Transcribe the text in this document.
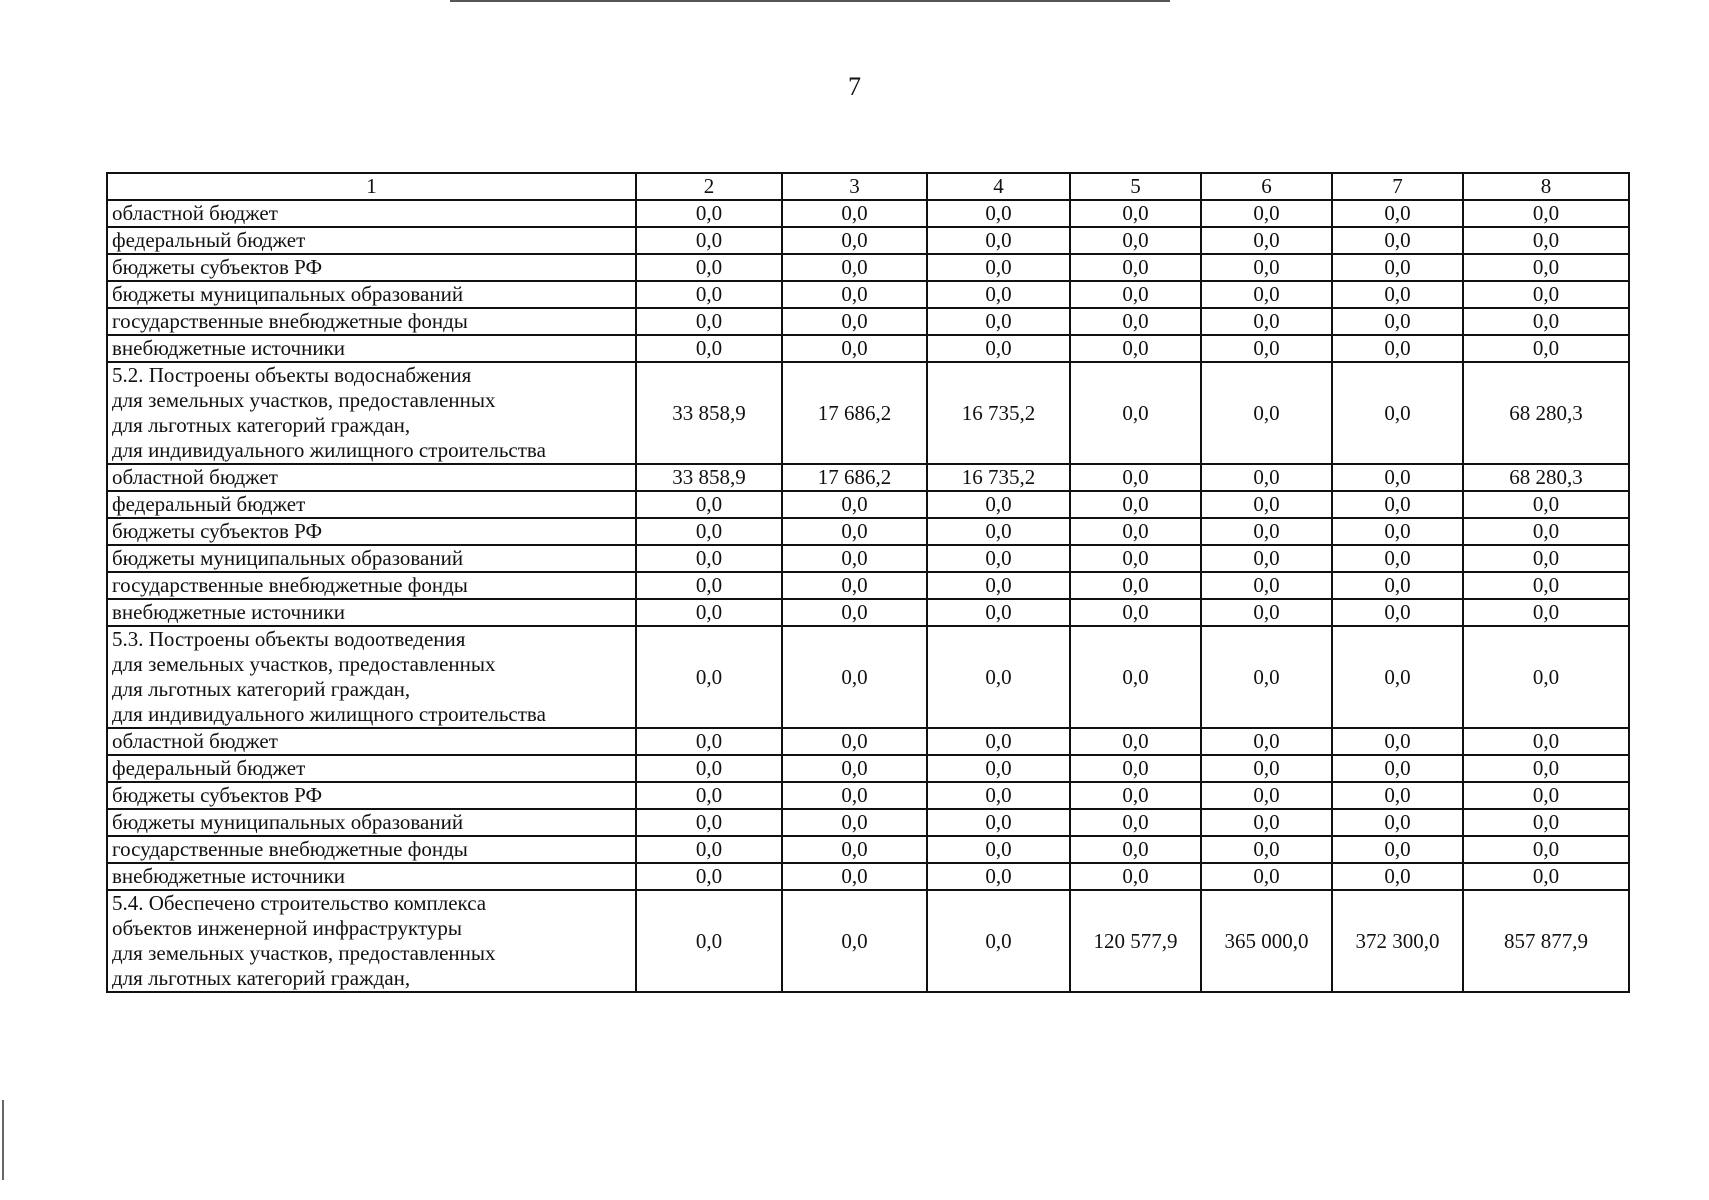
7
1	2	3	4	5	6	7	8
областной бюджет	0,0	0,0	0,0	0,0	0,0	0,0	0,0
федеральный бюджет	0,0	0,0	0,0	0,0	0,0	0,0	0,0
бюджеты субъектов РФ	0,0	0,0	0,0	0,0	0,0	0,0	0,0
бюджеты муниципальных образований	0,0	0,0	0,0	0,0	0,0	0,0	0,0
государственные внебюджетные фонды	0,0	0,0	0,0	0,0	0,0	0,0	0,0
внебюджетные источники	0,0	0,0	0,0	0,0	0,0	0,0	0,0

5.2. Построены объекты водоснабжения
для земельных участков, предоставленных
для льготных категорий граждан,
для индивидуального жилищного строительства	33 858,9	17 686,2	16 735,2	0,0	0,0	0,0	68 280,3
областной бюджет	33 858,9	17 686,2	16 735,2	0,0	0,0	0,0	68 280,3
федеральный бюджет	0,0	0,0	0,0	0,0	0,0	0,0	0,0
бюджеты субъектов РФ	0,0	0,0	0,0	0,0	0,0	0,0	0,0
бюджеты муниципальных образований	0,0	0,0	0,0	0,0	0,0	0,0	0,0
государственные внебюджетные фонды	0,0	0,0	0,0	0,0	0,0	0,0	0,0
внебюджетные источники	0,0	0,0	0,0	0,0	0,0	0,0	0,0

5.3. Построены объекты водоотведения
для земельных участков, предоставленных
для льготных категорий граждан,
для индивидуального жилищного строительства	0,0	0,0	0,0	0,0	0,0	0,0	0,0
областной бюджет	0,0	0,0	0,0	0,0	0,0	0,0	0,0
федеральный бюджет	0,0	0,0	0,0	0,0	0,0	0,0	0,0
бюджеты субъектов РФ	0,0	0,0	0,0	0,0	0,0	0,0	0,0
бюджеты муниципальных образований	0,0	0,0	0,0	0,0	0,0	0,0	0,0
государственные внебюджетные фонды	0,0	0,0	0,0	0,0	0,0	0,0	0,0
внебюджетные источники	0,0	0,0	0,0	0,0	0,0	0,0	0,0

5.4. Обеспечено строительство комплекса
объектов инженерной инфраструктуры
для земельных участков, предоставленных
для льготных категорий граждан,	0,0	0,0	0,0	120 577,9	365 000,0	372 300,0	857 877,9
